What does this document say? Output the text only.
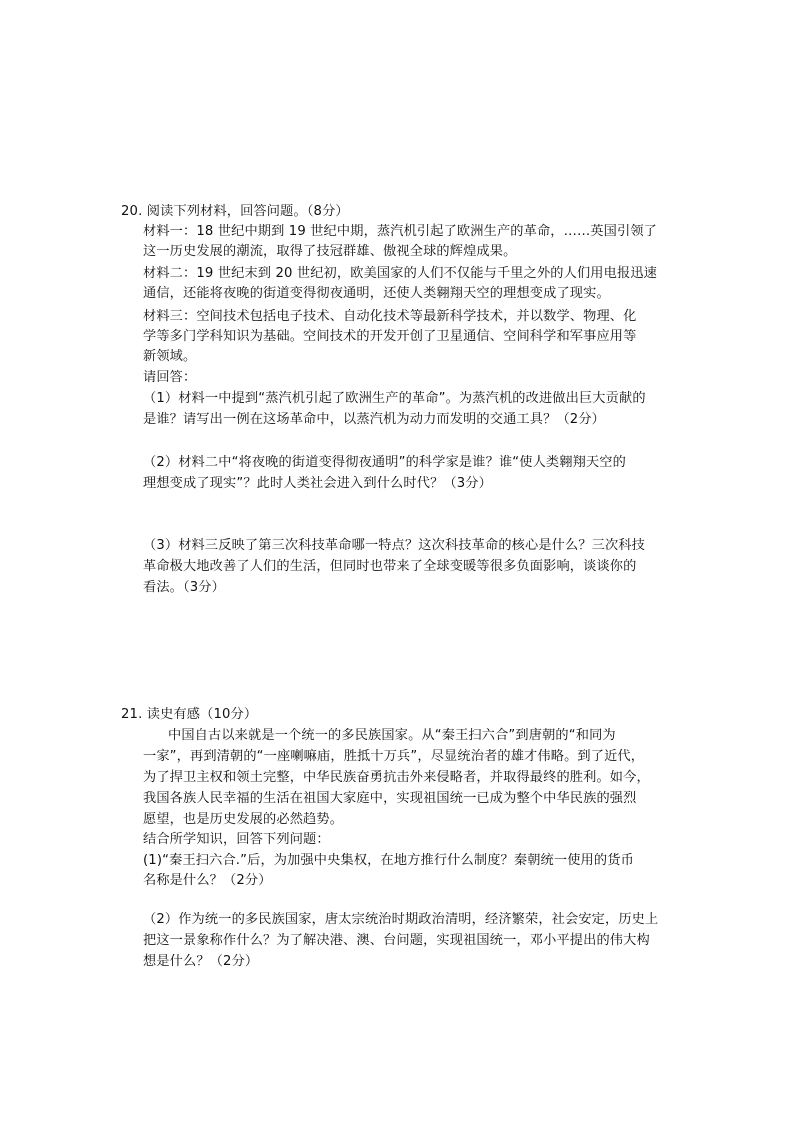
20. 阅读下列材料，回答问题。（8分）
材料一：18 世纪中期到 19 世纪中期，蒸汽机引起了欧洲生产的革命，……英国引领了
这一历史发展的潮流，取得了技冠群雄、傲视全球的辉煌成果。
材料二：19 世纪末到 20 世纪初，欧美国家的人们不仅能与千里之外的人们用电报迅速
通信，还能将夜晚的街道变得彻夜通明，还使人类翱翔天空的理想变成了现实。
材料三：空间技术包括电子技术、自动化技术等最新科学技术，并以数学、物理、化
学等多门学科知识为基础。空间技术的开发开创了卫星通信、空间科学和军事应用等
新领域。
请回答：
（1）材料一中提到“蒸汽机引起了欧洲生产的革命”。为蒸汽机的改进做出巨大贡献的
是谁？请写出一例在这场革命中，以蒸汽机为动力而发明的交通工具？（2分）
（2）材料二中“将夜晚的街道变得彻夜通明”的科学家是谁？谁“使人类翱翔天空的
理想变成了现实”？此时人类社会进入到什么时代？（3分）
（3）材料三反映了第三次科技革命哪一特点？这次科技革命的核心是什么？三次科技
革命极大地改善了人们的生活，但同时也带来了全球变暖等很多负面影响，谈谈你的
看法。（3分）
21. 读史有感（10分）
中国自古以来就是一个统一的多民族国家。从“秦王扫六合”到唐朝的“和同为
一家”，再到清朝的“一座喇嘛庙，胜抵十万兵”，尽显统治者的雄才伟略。到了近代，
为了捍卫主权和领土完整，中华民族奋勇抗击外来侵略者，并取得最终的胜利。如今，
我国各族人民幸福的生活在祖国大家庭中，实现祖国统一已成为整个中华民族的强烈
愿望，也是历史发展的必然趋势。
结合所学知识，回答下列问题：
(1)“秦王扫六合.”后，为加强中央集权，在地方推行什么制度？秦朝统一使用的货币
名称是什么？（2分）
（2）作为统一的多民族国家，唐太宗统治时期政治清明，经济繁荣，社会安定，历史上
把这一景象称作什么？为了解决港、澳、台问题，实现祖国统一，邓小平提出的伟大构
想是什么？（2分）
